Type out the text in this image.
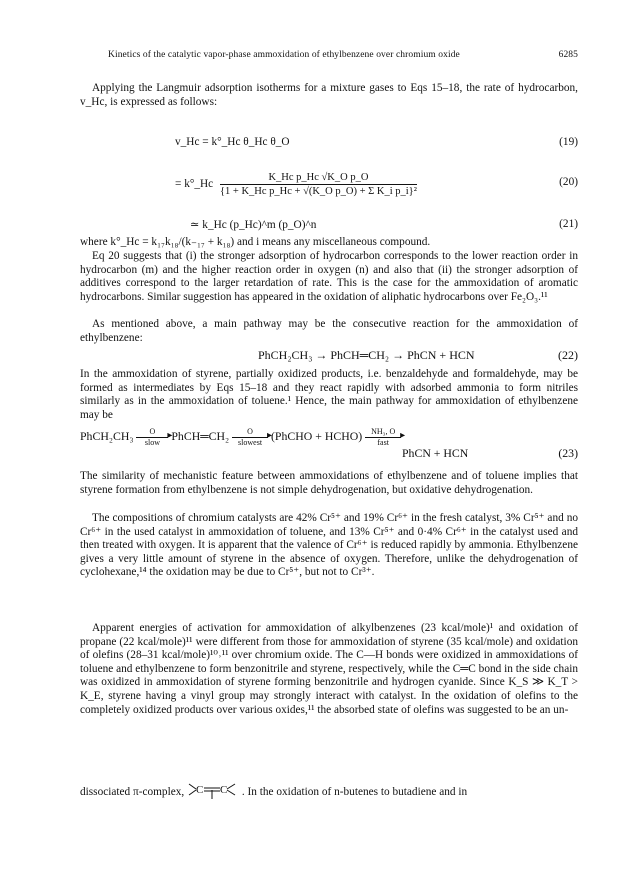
Kinetics of the catalytic vapor-phase ammoxidation of ethylbenzene over chromium oxide	6285
Applying the Langmuir adsorption isotherms for a mixture gases to Eqs 15–18, the rate of hydrocarbon, v_Hc, is expressed as follows:
v_Hc = k°_Hc θ_Hc θ_O	(19)
= k°_Hc $\frac{\text{K\_Hc p\_Hc √K\_O p\_O}}{\text{\{1 + K\_Hc p\_Hc + √(K\_O p\_O) + Σ K\_i p\_i\}²}}$	(20)
≃ k_Hc (p_Hc)^m (p_O)^n	(21)
where k°_Hc = k₁₇k₁₈/(k₋₁₇ + k₁₈) and i means any miscellaneous compound.
Eq 20 suggests that (i) the stronger adsorption of hydrocarbon corresponds to the lower reaction order in hydrocarbon (m) and the higher reaction order in oxygen (n) and also that (ii) the stronger adsorption of additives correspond to the larger retardation of rate. This is the case for the ammoxidation of aromatic hydrocarbons. Similar suggestion has appeared in the oxidation of aliphatic hydrocarbons over Fe₂O₃.¹¹
As mentioned above, a main pathway may be the consecutive reaction for the ammoxidation of ethylbenzene:
PhCH₂CH₃ → PhCH═CH₂ → PhCN + HCN	(22)
In the ammoxidation of styrene, partially oxidized products, i.e. benzaldehyde and formaldehyde, may be formed as intermediates by Eqs 15–18 and they react rapidly with adsorbed ammonia to form nitriles similarly as in the ammoxidation of toluene.¹ Hence, the main pathway for ammoxidation of ethylbenzene may be
PhCH₂CH₃ O
▸
slow PhCH═CH₂ O
▸
slowest (PhCHO + HCHO) NH₃, O
▸
fast
PhCN + HCN	(23)
The similarity of mechanistic feature between ammoxidations of ethylbenzene and of toluene implies that styrene formation from ethylbenzene is not simple dehydrogenation, but oxidative dehydrogenation.
The compositions of chromium catalysts are 42% Cr⁵⁺ and 19% Cr⁶⁺ in the fresh catalyst, 3% Cr⁵⁺ and no Cr⁶⁺ in the used catalyst in ammoxidation of toluene, and 13% Cr⁵⁺ and 0·4% Cr⁶⁺ in the catalyst used and then treated with oxygen. It is apparent that the valence of Cr⁶⁺ is reduced rapidly by ammonia. Ethylbenzene gives a very little amount of styrene in the absence of oxygen. Therefore, unlike the dehydrogenation of cyclohexane,¹⁴ the oxidation may be due to Cr⁵⁺, but not to Cr³⁺.
Apparent energies of activation for ammoxidation of alkylbenzenes (23 kcal/mole)¹ and oxidation of propane (22 kcal/mole)¹¹ were different from those for ammoxidation of styrene (35 kcal/mole) and oxidation of olefins (28–31 kcal/mole)¹⁰˒¹¹ over chromium oxide. The C—H bonds were oxidized in ammoxidations of toluene and ethylbenzene to form benzonitrile and styrene, respectively, while the C═C bond in the side chain was oxidized in ammoxidation of styrene forming benzonitrile and hydrogen cyanide. Since K_S ≫ K_T > K_E, styrene having a vinyl group may strongly interact with catalyst. In the oxidation of olefins to the completely oxidized products over various oxides,¹¹ the absorbed state of olefins was suggested to be an un-
dissociated π-complex, C C . In the oxidation of n-butenes to butadiene and in
